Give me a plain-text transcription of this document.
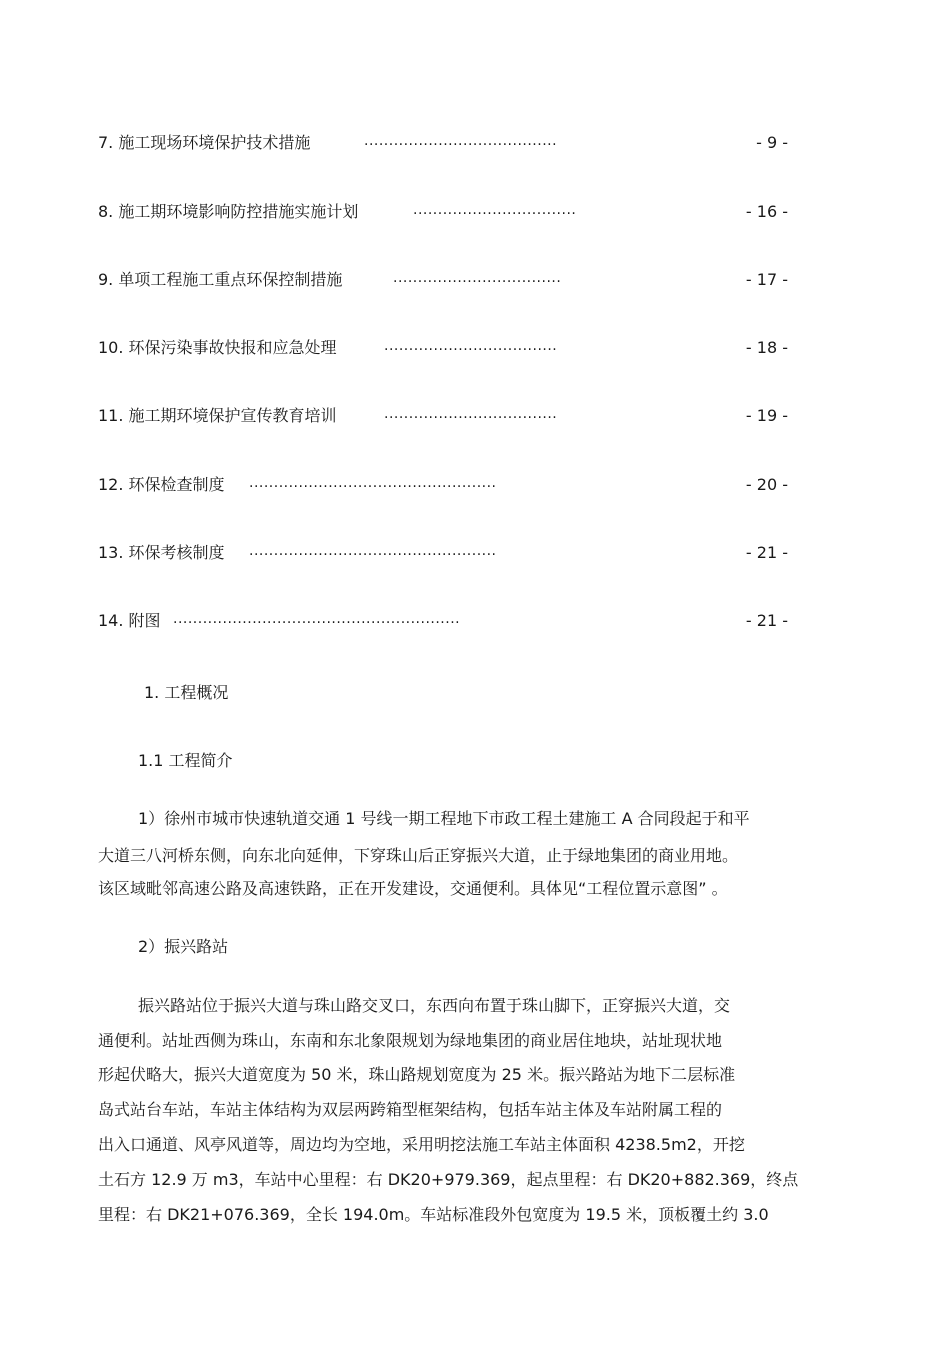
7. 施工现场环境保护技术措施	.......................................	- 9 -
8. 施工期环境影响防控措施实施计划	.................................	- 16 -
9. 单项工程施工重点环保控制措施	..................................	- 17 -
10. 环保污染事故快报和应急处理	...................................	- 18 -
11. 施工期环境保护宣传教育培训	...................................	- 19 -
12. 环保检查制度 ..................................................	- 20 -
13. 环保考核制度 ..................................................	- 21 -
14. 附图 ..........................................................	- 21 -
1. 工程概况
1.1 工程简介
1）徐州市城市快速轨道交通 1 号线一期工程地下市政工程土建施工 A 合同段起于和平
大道三八河桥东侧，向东北向延伸，下穿珠山后正穿振兴大道，止于绿地集团的商业用地。
该区域毗邻高速公路及高速铁路，正在开发建设，交通便利。具体见“工程位置示意图” 。
2）振兴路站
振兴路站位于振兴大道与珠山路交叉口，东西向布置于珠山脚下，正穿振兴大道，交
通便利。站址西侧为珠山，东南和东北象限规划为绿地集团的商业居住地块，站址现状地
形起伏略大，振兴大道宽度为 50 米，珠山路规划宽度为 25 米。振兴路站为地下二层标准
岛式站台车站，车站主体结构为双层两跨箱型框架结构，包括车站主体及车站附属工程的
出入口通道、风亭风道等，周边均为空地，采用明挖法施工车站主体面积 4238.5m2，开挖
土石方 12.9 万 m3，车站中心里程：右 DK20+979.369，起点里程：右 DK20+882.369，终点
里程：右 DK21+076.369，全长 194.0m。车站标准段外包宽度为 19.5 米，顶板覆土约 3.0
